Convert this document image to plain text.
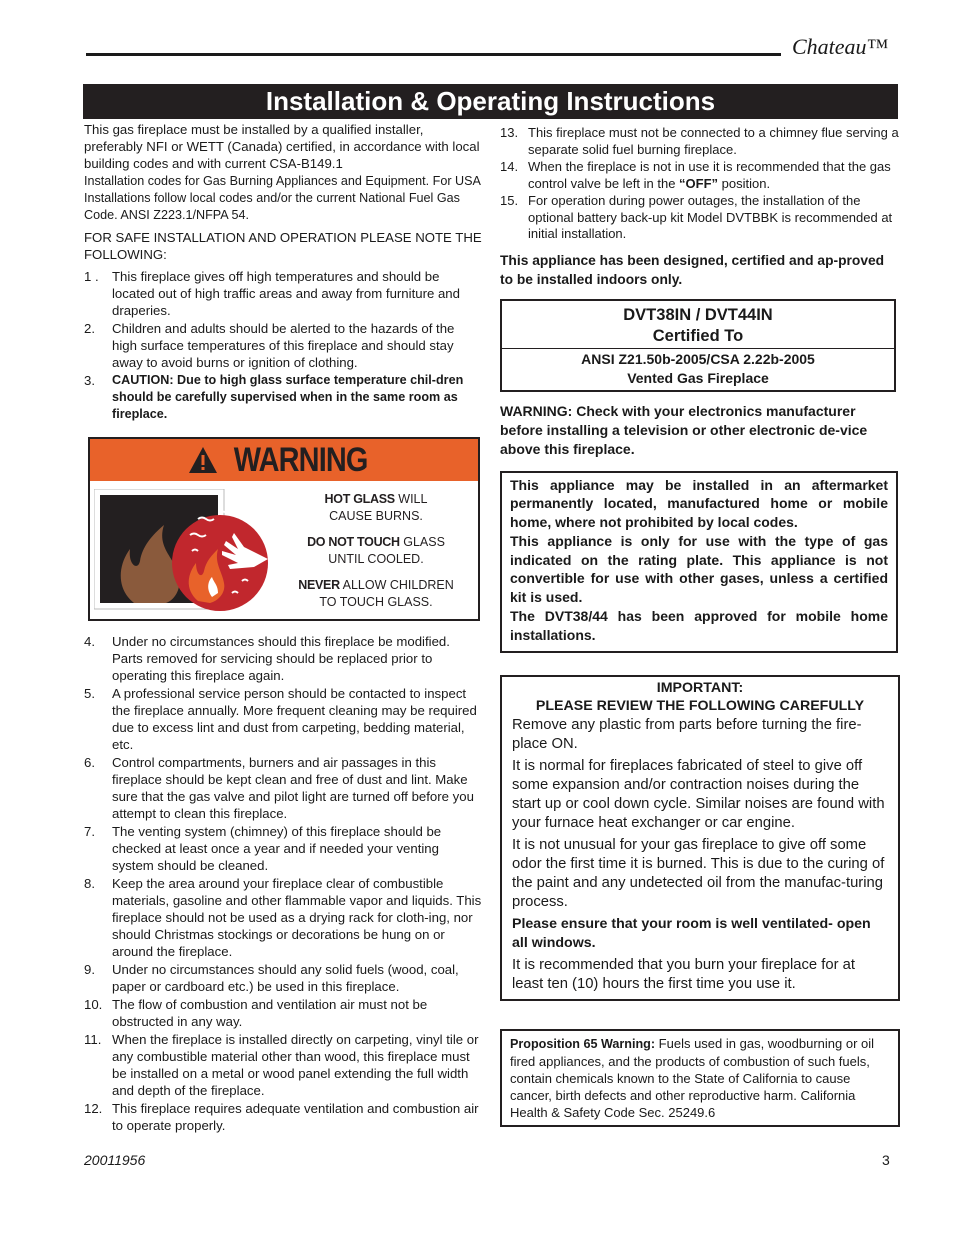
Chateau™
Installation & Operating Instructions

This gas fireplace must be installed by a qualified installer, preferably NFI or WETT (Canada) certified, in accordance with local building codes and with current CSA-B149.1

Installation codes for Gas Burning Appliances and Equipment. For USA Installations follow local codes and/or the current National Fuel Gas Code. ANSI Z223.1/NFPA 54.

FOR SAFE INSTALLATION AND OPERATION PLEASE NOTE THE FOLLOWING:

1 .	This fireplace gives off high temperatures and should be located out of high traffic areas and away from furniture and draperies.
2.	Children and adults should be alerted to the hazards of the high surface temperatures of this fireplace and should stay away to avoid burns or ignition of clothing.
3.	CAUTION: Due to high glass surface temperature chil-dren should be carefully supervised when in the same room as fireplace.
WARNING
HOT GLASS WILL
CAUSE BURNS.
DO NOT TOUCH GLASS
UNTIL COOLED.
NEVER ALLOW CHILDREN
TO TOUCH GLASS.
4.	Under no circumstances should this fireplace be modified. Parts removed for servicing should be replaced prior to operating this fireplace again.
5.	A professional service person should be contacted to inspect the fireplace annually. More frequent cleaning may be required due to excess lint and dust from carpeting, bedding material, etc.
6.	Control compartments, burners and air passages in this fireplace should be kept clean and free of dust and lint. Make sure that the gas valve and pilot light are turned off before you attempt to clean this fireplace.
7.	The venting system (chimney) of this fireplace should be checked at least once a year and if needed your venting system should be cleaned.
8.	Keep the area around your fireplace clear of combustible materials, gasoline and other flammable vapor and liquids. This fireplace should not be used as a drying rack for cloth-ing, nor should Christmas stockings or decorations be hung on or around the fireplace.
9.	Under no circumstances should any solid fuels (wood, coal, paper or cardboard etc.) be used in this fireplace.
10. The flow of combustion and ventilation air must not be obstructed in any way.
11. When the fireplace is installed directly on carpeting, vinyl tile or any combustible material other than wood, this fireplace must be installed on a metal or wood panel extending the full width and depth of the fireplace.
12. This fireplace requires adequate ventilation and combustion air to operate properly.
13. This fireplace must not be connected to a chimney flue serving a separate solid fuel burning fireplace.
14. When the fireplace is not in use it is recommended that the gas control valve be left in the “OFF” position.
15. For operation during power outages, the installation of the optional battery back-up kit Model DVTBBK is recommended at initial installation.

This appliance has been designed, certified and ap-proved to be installed indoors only.

DVT38IN / DVT44IN
Certified To
ANSI Z21.50b-2005/CSA 2.22b-2005
Vented Gas Fireplace

WARNING: Check with your electronics manufacturer before installing a television or other electronic de-vice above this fireplace.

This appliance may be installed in an aftermarket permanently located, manufactured home or mobile home, where not prohibited by local codes.

This appliance is only for use with the type of gas indicated on the rating plate. This appliance is not convertible for use with other gases, unless a certified kit is used.

The DVT38/44 has been approved for mobile home installations.

IMPORTANT:
PLEASE REVIEW THE FOLLOWING CAREFULLY

Remove any plastic from parts before turning the fire-place ON.

It is normal for fireplaces fabricated of steel to give off some expansion and/or contraction noises during the start up or cool down cycle. Similar noises are found with your furnace heat exchanger or car engine.

It is not unusual for your gas fireplace to give off some odor the first time it is burned. This is due to the curing of the paint and any undetected oil from the manufac-turing process.

Please ensure that your room is well ventilated- open all windows.

It is recommended that you burn your fireplace for at least ten (10) hours the first time you use it.

Proposition 65 Warning: Fuels used in gas, woodburning or oil fired appliances, and the products of combustion of such fuels, contain chemicals known to the State of California to cause cancer, birth defects and other reproductive harm. California Health & Safety Code Sec. 25249.6
20011956	3
